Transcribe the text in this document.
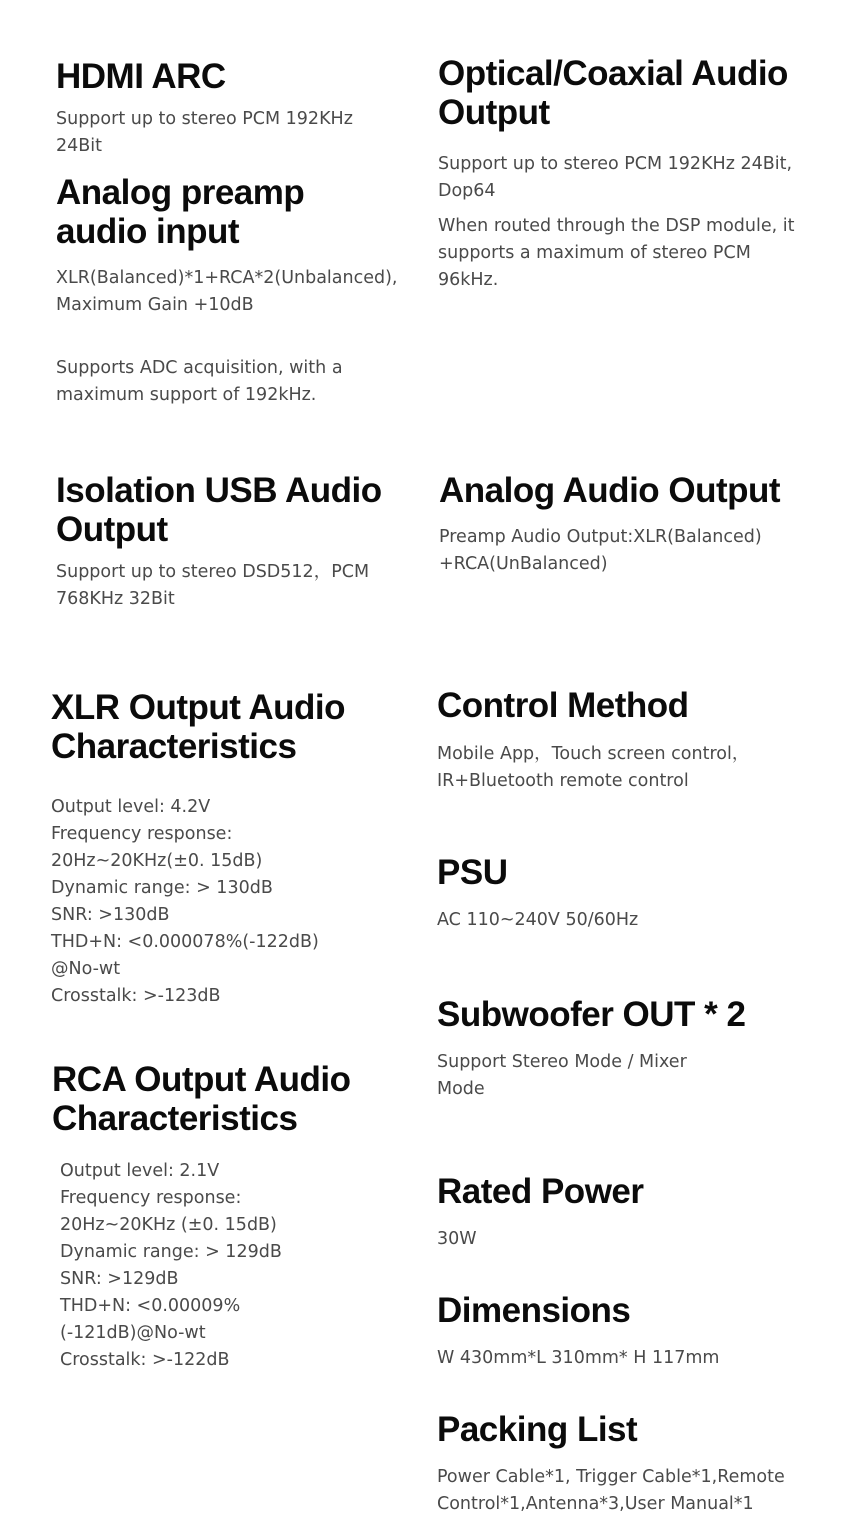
HDMI ARC
Support up to stereo PCM 192KHz
24Bit
Analog preamp
audio input
XLR(Balanced)*1+RCA*2(Unbalanced),
Maximum Gain +10dB
Supports ADC acquisition, with a
maximum support of 192kHz.
Isolation USB Audio
Output
Support up to stereo DSD512，PCM
768KHz 32Bit
XLR Output Audio
Characteristics
Output level: 4.2V
Frequency response:
20Hz~20KHz(±0. 15dB)
Dynamic range: > 130dB
SNR: >130dB
THD+N: <0.000078%(-122dB)
@No-wt
Crosstalk: >-123dB
RCA Output Audio
Characteristics
Output level: 2.1V
Frequency response:
20Hz~20KHz (±0. 15dB)
Dynamic range: > 129dB
SNR: >129dB
THD+N: <0.00009%
(-121dB)@No-wt
Crosstalk: >-122dB
Optical/Coaxial Audio
Output
Support up to stereo PCM 192KHz 24Bit,
Dop64
When routed through the DSP module, it
supports a maximum of stereo PCM
96kHz.
Analog Audio Output
Preamp Audio Output:XLR(Balanced)
+RCA(UnBalanced)
Control Method
Mobile App，Touch screen control，
IR+Bluetooth remote control
PSU
AC 110~240V 50/60Hz
Subwoofer OUT * 2
Support Stereo Mode / Mixer
Mode
Rated Power
30W
Dimensions
W 430mm*L 310mm* H 117mm
Packing List
Power Cable*1, Trigger Cable*1,Remote
Control*1,Antenna*3,User Manual*1
